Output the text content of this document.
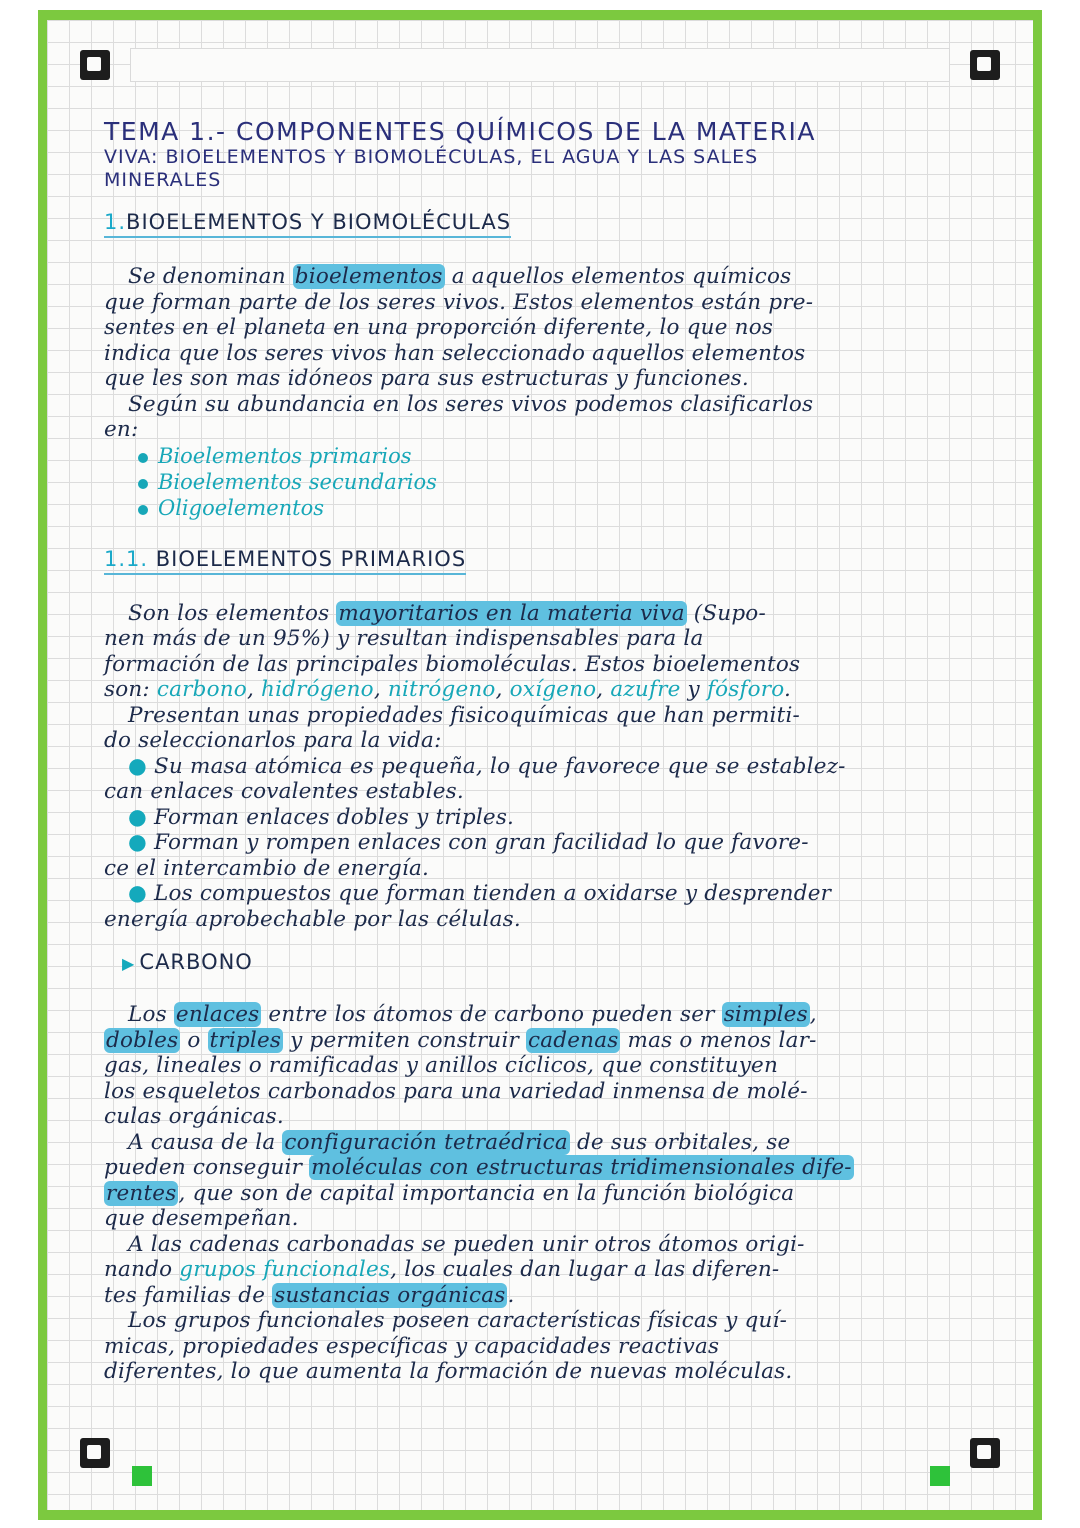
TEMA 1.- COMPONENTES QUÍMICOS DE LA MATERIA
VIVA: BIOELEMENTOS Y BIOMOLÉCULAS, EL AGUA Y LAS SALES
MINERALES
1.BIOELEMENTOS Y BIOMOLÉCULAS
Se denominan bioelementos a aquellos elementos químicos
que forman parte de los seres vivos. Estos elementos están pre-
sentes en el planeta en una proporción diferente, lo que nos
indica que los seres vivos han seleccionado aquellos elementos
que les son mas idóneos para sus estructuras y funciones.
Según su abundancia en los seres vivos podemos clasificarlos
en:
Bioelementos primarios
Bioelementos secundarios
Oligoelementos
1.1. BIOELEMENTOS PRIMARIOS
Son los elementos mayoritarios en la materia viva (Supo-
nen más de un 95%) y resultan indispensables para la
formación de las principales biomoléculas. Estos bioelementos
son: carbono, hidrógeno, nitrógeno, oxígeno, azufre y fósforo.
Presentan unas propiedades fisicoquímicas que han permiti-
do seleccionarlos para la vida:
● Su masa atómica es pequeña, lo que favorece que se establez-
can enlaces covalentes estables.
● Forman enlaces dobles y triples.
● Forman y rompen enlaces con gran facilidad lo que favore-
ce el intercambio de energía.
● Los compuestos que forman tienden a oxidarse y desprender
energía aprobechable por las células.
▶ CARBONO
Los enlaces entre los átomos de carbono pueden ser simples,
dobles o triples y permiten construir cadenas mas o menos lar-
gas, lineales o ramificadas y anillos cíclicos, que constituyen
los esqueletos carbonados para una variedad inmensa de molé-
culas orgánicas.
A causa de la configuración tetraédrica de sus orbitales, se
pueden conseguir moléculas con estructuras tridimensionales dife-
rentes, que son de capital importancia en la función biológica
que desempeñan.
A las cadenas carbonadas se pueden unir otros átomos origi-
nando grupos funcionales, los cuales dan lugar a las diferen-
tes familias de sustancias orgánicas.
Los grupos funcionales poseen características físicas y quí-
micas, propiedades específicas y capacidades reactivas
diferentes, lo que aumenta la formación de nuevas moléculas.
